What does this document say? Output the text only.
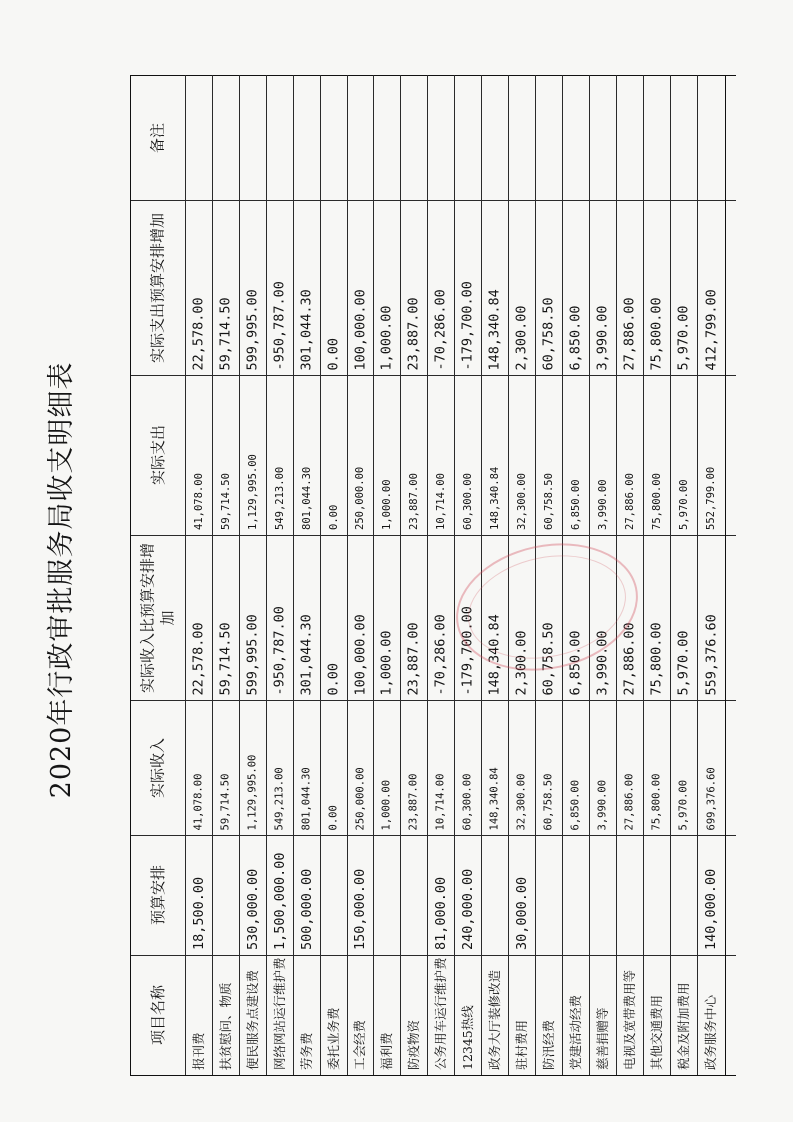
2020年行政审批服务局收支明细表
备注
实际支出预算安排增加
实际支出
实际收入比预算安排增加
实际收入
预算安排
项目名称
22,578.00
41,078.00
22,578.00
41,078.00
18,500.00
报刊费
59,714.50
59,714.50
59,714.50
59,714.50
扶贫慰问、物质
599,995.00
1,129,995.00
599,995.00
1,129,995.00
530,000.00
便民服务点建设费
-950,787.00
549,213.00
-950,787.00
549,213.00
1,500,000.00
网络网站运行维护费
301,044.30
801,044.30
301,044.30
801,044.30
500,000.00
劳务费
0.00
0.00
0.00
0.00
委托业务费
100,000.00
250,000.00
100,000.00
250,000.00
150,000.00
工会经费
1,000.00
1,000.00
1,000.00
1,000.00
福利费
23,887.00
23,887.00
23,887.00
23,887.00
防疫物资
-70,286.00
10,714.00
-70,286.00
10,714.00
81,000.00
公务用车运行维护费
-179,700.00
60,300.00
-179,700.00
60,300.00
240,000.00
12345热线
148,340.84
148,340.84
148,340.84
148,340.84
政务大厅装修改造
2,300.00
32,300.00
2,300.00
32,300.00
30,000.00
驻村费用
60,758.50
60,758.50
60,758.50
60,758.50
防汛经费
6,850.00
6,850.00
6,850.00
6,850.00
党建活动经费
3,990.00
3,990.00
3,990.00
3,990.00
慈善捐赠等
27,886.00
27,886.00
27,886.00
27,886.00
电视及宽带费用等
75,800.00
75,800.00
75,800.00
75,800.00
其他交通费用
5,970.00
5,970.00
5,970.00
5,970.00
税金及附加费用
412,799.00
552,799.00
559,376.60
699,376.60
140,000.00
政务服务中心
